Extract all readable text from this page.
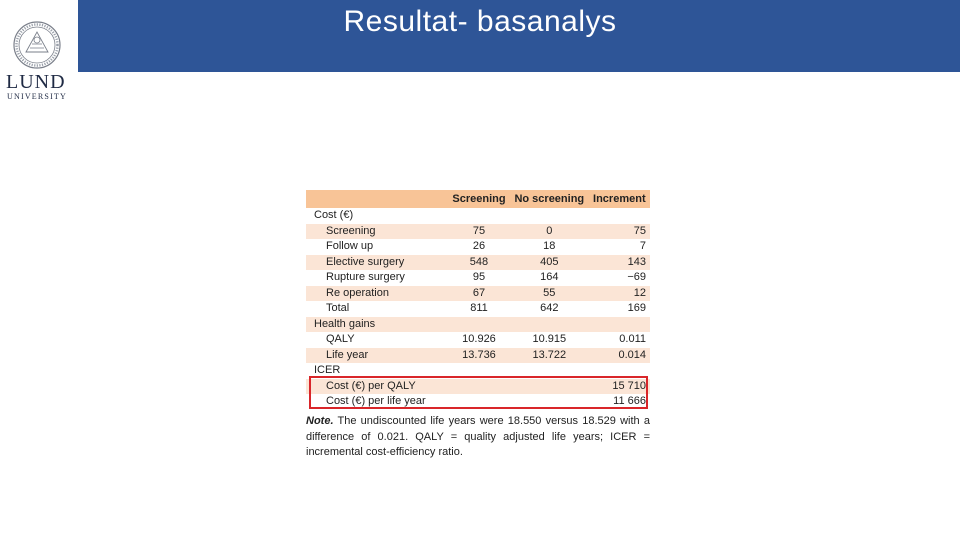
Resultat- basanalys
LUND
UNIVERSITY
	Screening	No screening	Increment
Cost (€)			
Screening	75	0	75
Follow up	26	18	7
Elective surgery	548	405	143
Rupture surgery	95	164	−69
Re operation	67	55	12
Total	811	642	169
Health gains			
QALY	10.926	10.915	0.011
Life year	13.736	13.722	0.014
ICER			
Cost (€) per QALY			15 710
Cost (€) per life year			11 666
Note. The undiscounted life years were 18.550 versus 18.529 with a difference of 0.021. QALY = quality adjusted life years; ICER = incremental cost-efficiency ratio.
